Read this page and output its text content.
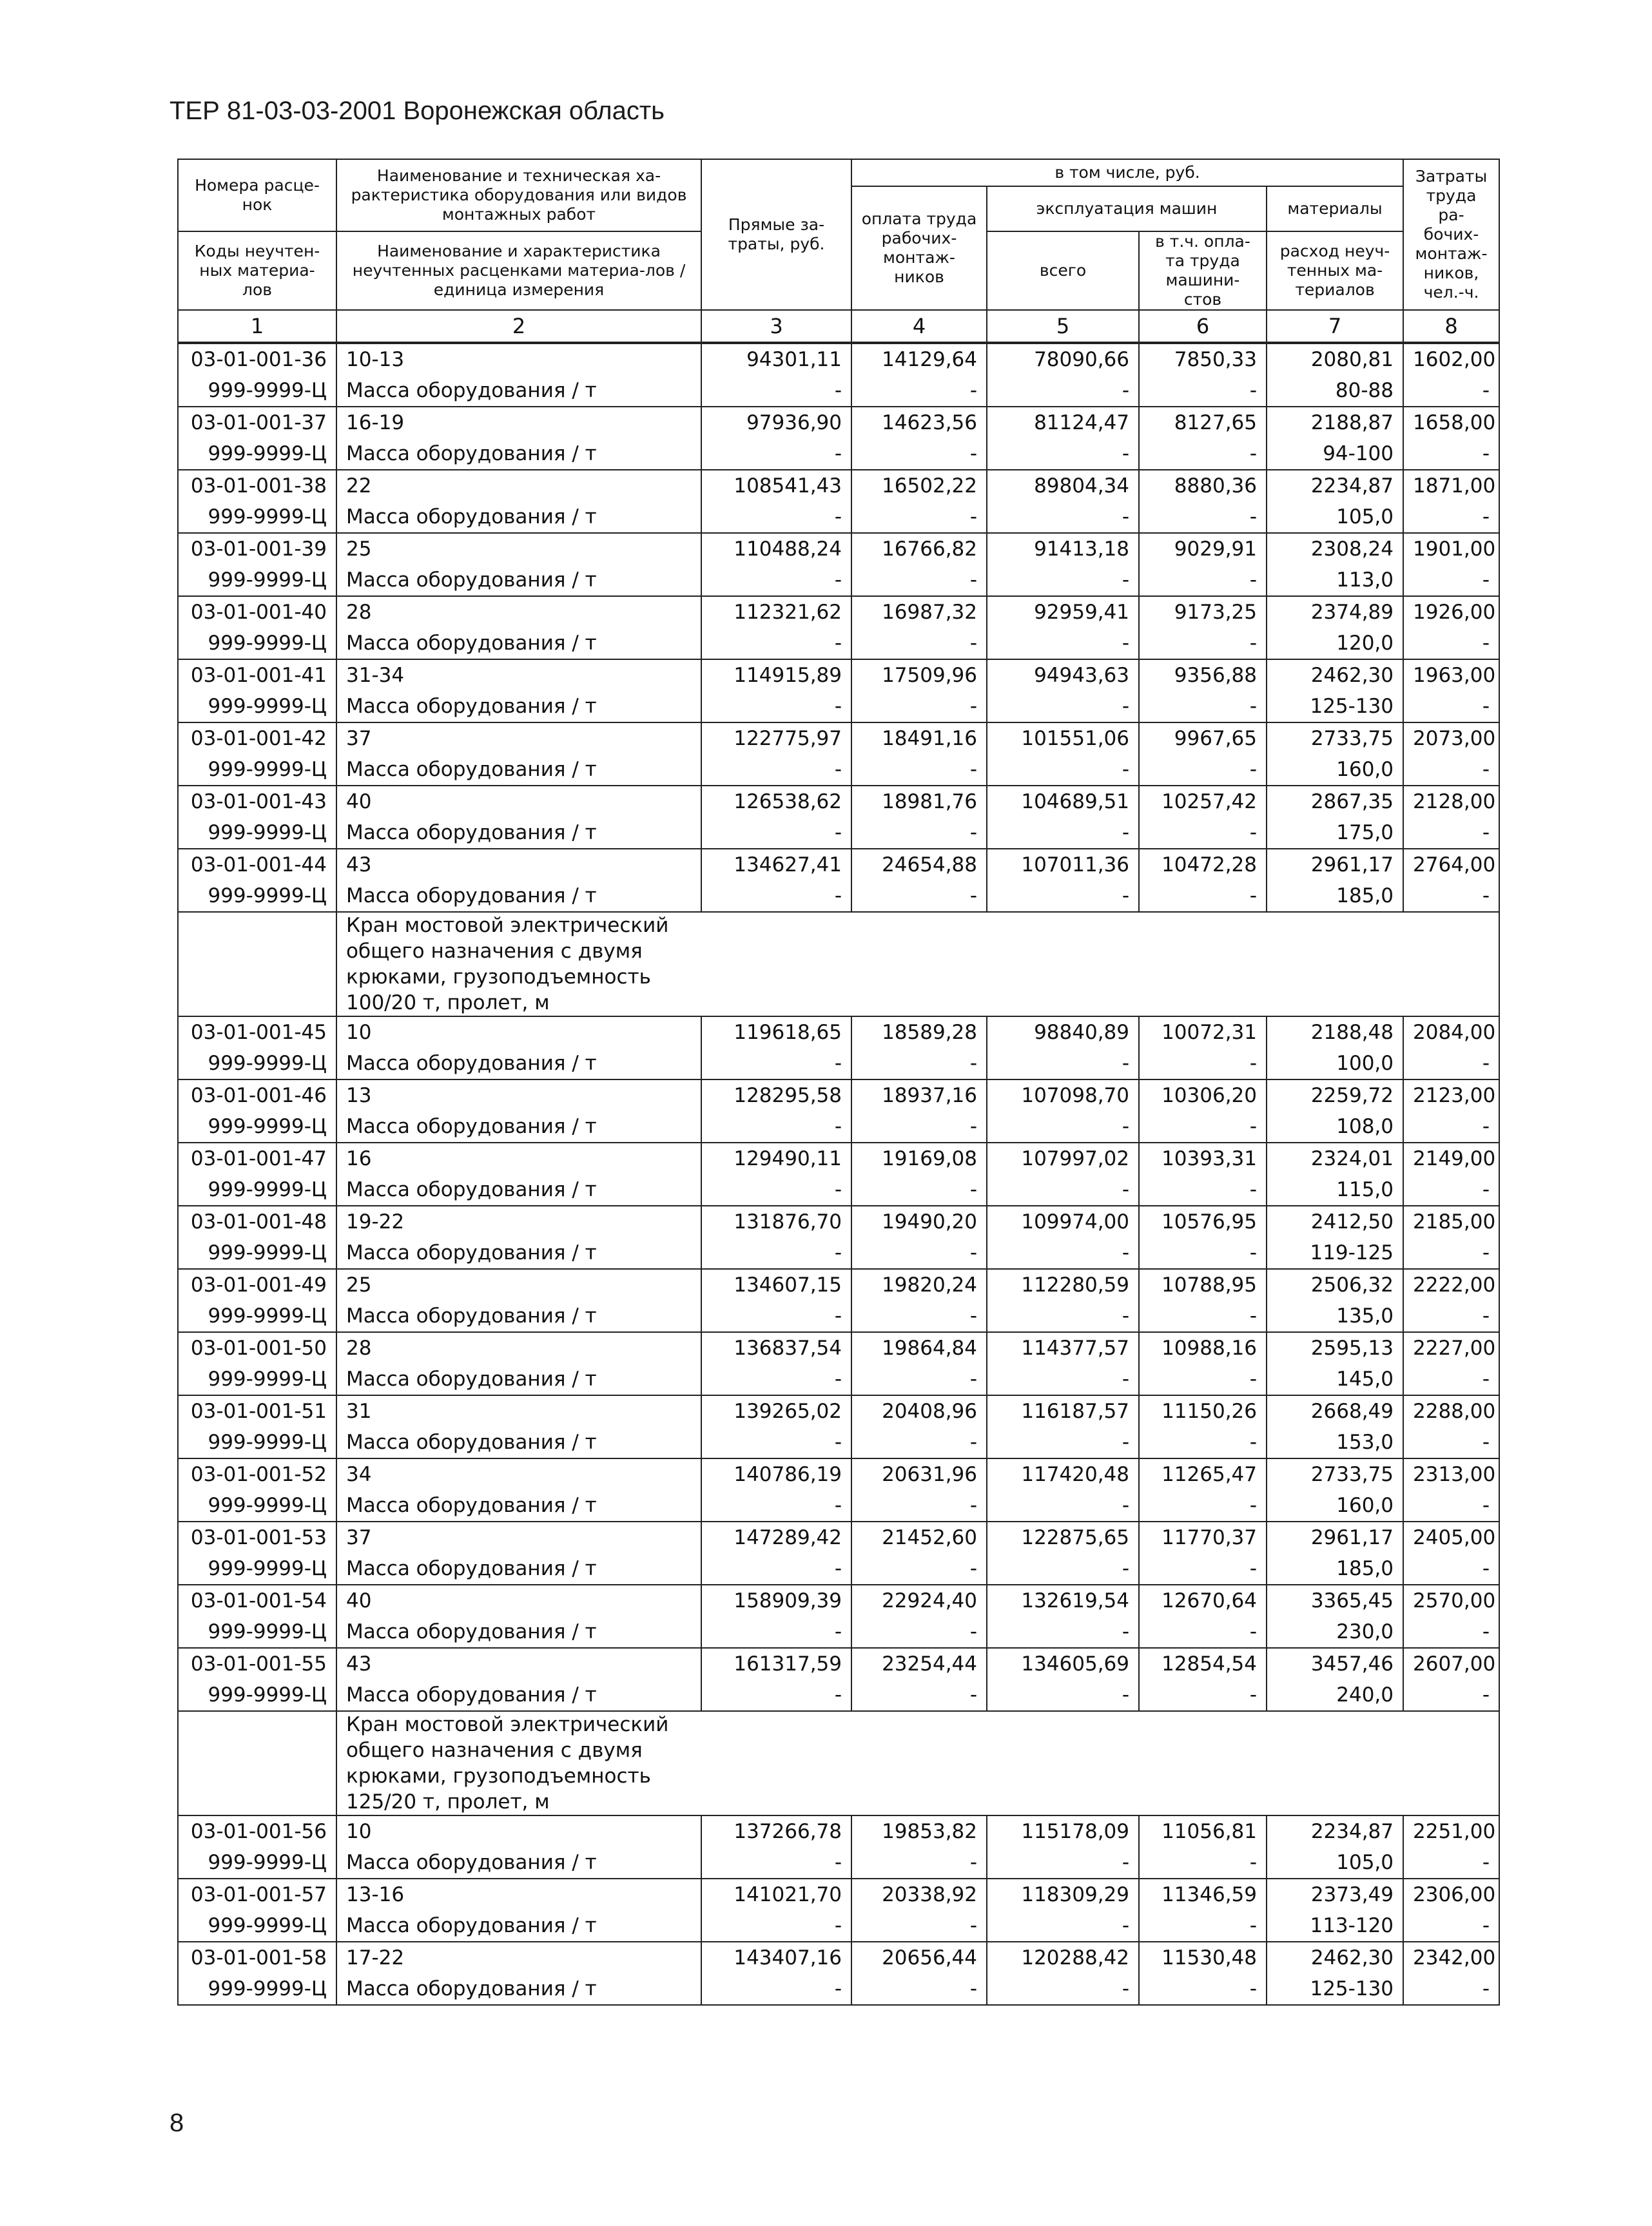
ТЕР 81-03-03-2001 Воронежская область
Номера расце-нок	Наименование и техническая ха-рактеристика оборудования или видов монтажных работ	Прямые за-траты, руб.	в том числе, руб.				Затраты труда ра-бочих-монтаж-ников, чел.-ч.
			оплата труда рабочих-монтаж-ников	эксплуатация машин		материалы	
Коды неучтен-ных материа-лов	Наименование и характеристика неучтенных расценками материа-лов / единица измерения			всего	в т.ч. опла-та труда машини-стов	расход неуч-тенных ма-териалов	

1	2	3	4	5	6	7	8
03-01-001-36	10-13	94301,11	14129,64	78090,66	7850,33	2080,81	1602,00
999-9999-Ц	Масса оборудования / т	-	-	-	-	80-88	-
03-01-001-37	16-19	97936,90	14623,56	81124,47	8127,65	2188,87	1658,00
999-9999-Ц	Масса оборудования / т	-	-	-	-	94-100	-
03-01-001-38	22	108541,43	16502,22	89804,34	8880,36	2234,87	1871,00
999-9999-Ц	Масса оборудования / т	-	-	-	-	105,0	-
03-01-001-39	25	110488,24	16766,82	91413,18	9029,91	2308,24	1901,00
999-9999-Ц	Масса оборудования / т	-	-	-	-	113,0	-
03-01-001-40	28	112321,62	16987,32	92959,41	9173,25	2374,89	1926,00
999-9999-Ц	Масса оборудования / т	-	-	-	-	120,0	-
03-01-001-41	31-34	114915,89	17509,96	94943,63	9356,88	2462,30	1963,00
999-9999-Ц	Масса оборудования / т	-	-	-	-	125-130	-
03-01-001-42	37	122775,97	18491,16	101551,06	9967,65	2733,75	2073,00
999-9999-Ц	Масса оборудования / т	-	-	-	-	160,0	-
03-01-001-43	40	126538,62	18981,76	104689,51	10257,42	2867,35	2128,00
999-9999-Ц	Масса оборудования / т	-	-	-	-	175,0	-
03-01-001-44	43	134627,41	24654,88	107011,36	10472,28	2961,17	2764,00
999-9999-Ц	Масса оборудования / т	-	-	-	-	185,0	-

	Кран мостовой электрический
общего назначения с двумя
крюками, грузоподъемность
100/20 т, пролет, м						

03-01-001-45	10	119618,65	18589,28	98840,89	10072,31	2188,48	2084,00
999-9999-Ц	Масса оборудования / т	-	-	-	-	100,0	-
03-01-001-46	13	128295,58	18937,16	107098,70	10306,20	2259,72	2123,00
999-9999-Ц	Масса оборудования / т	-	-	-	-	108,0	-
03-01-001-47	16	129490,11	19169,08	107997,02	10393,31	2324,01	2149,00
999-9999-Ц	Масса оборудования / т	-	-	-	-	115,0	-
03-01-001-48	19-22	131876,70	19490,20	109974,00	10576,95	2412,50	2185,00
999-9999-Ц	Масса оборудования / т	-	-	-	-	119-125	-
03-01-001-49	25	134607,15	19820,24	112280,59	10788,95	2506,32	2222,00
999-9999-Ц	Масса оборудования / т	-	-	-	-	135,0	-
03-01-001-50	28	136837,54	19864,84	114377,57	10988,16	2595,13	2227,00
999-9999-Ц	Масса оборудования / т	-	-	-	-	145,0	-
03-01-001-51	31	139265,02	20408,96	116187,57	11150,26	2668,49	2288,00
999-9999-Ц	Масса оборудования / т	-	-	-	-	153,0	-
03-01-001-52	34	140786,19	20631,96	117420,48	11265,47	2733,75	2313,00
999-9999-Ц	Масса оборудования / т	-	-	-	-	160,0	-
03-01-001-53	37	147289,42	21452,60	122875,65	11770,37	2961,17	2405,00
999-9999-Ц	Масса оборудования / т	-	-	-	-	185,0	-
03-01-001-54	40	158909,39	22924,40	132619,54	12670,64	3365,45	2570,00
999-9999-Ц	Масса оборудования / т	-	-	-	-	230,0	-
03-01-001-55	43	161317,59	23254,44	134605,69	12854,54	3457,46	2607,00
999-9999-Ц	Масса оборудования / т	-	-	-	-	240,0	-

	Кран мостовой электрический
общего назначения с двумя
крюками, грузоподъемность
125/20 т, пролет, м						

03-01-001-56	10	137266,78	19853,82	115178,09	11056,81	2234,87	2251,00
999-9999-Ц	Масса оборудования / т	-	-	-	-	105,0	-
03-01-001-57	13-16	141021,70	20338,92	118309,29	11346,59	2373,49	2306,00
999-9999-Ц	Масса оборудования / т	-	-	-	-	113-120	-
03-01-001-58	17-22	143407,16	20656,44	120288,42	11530,48	2462,30	2342,00
999-9999-Ц	Масса оборудования / т	-	-	-	-	125-130	-
8
